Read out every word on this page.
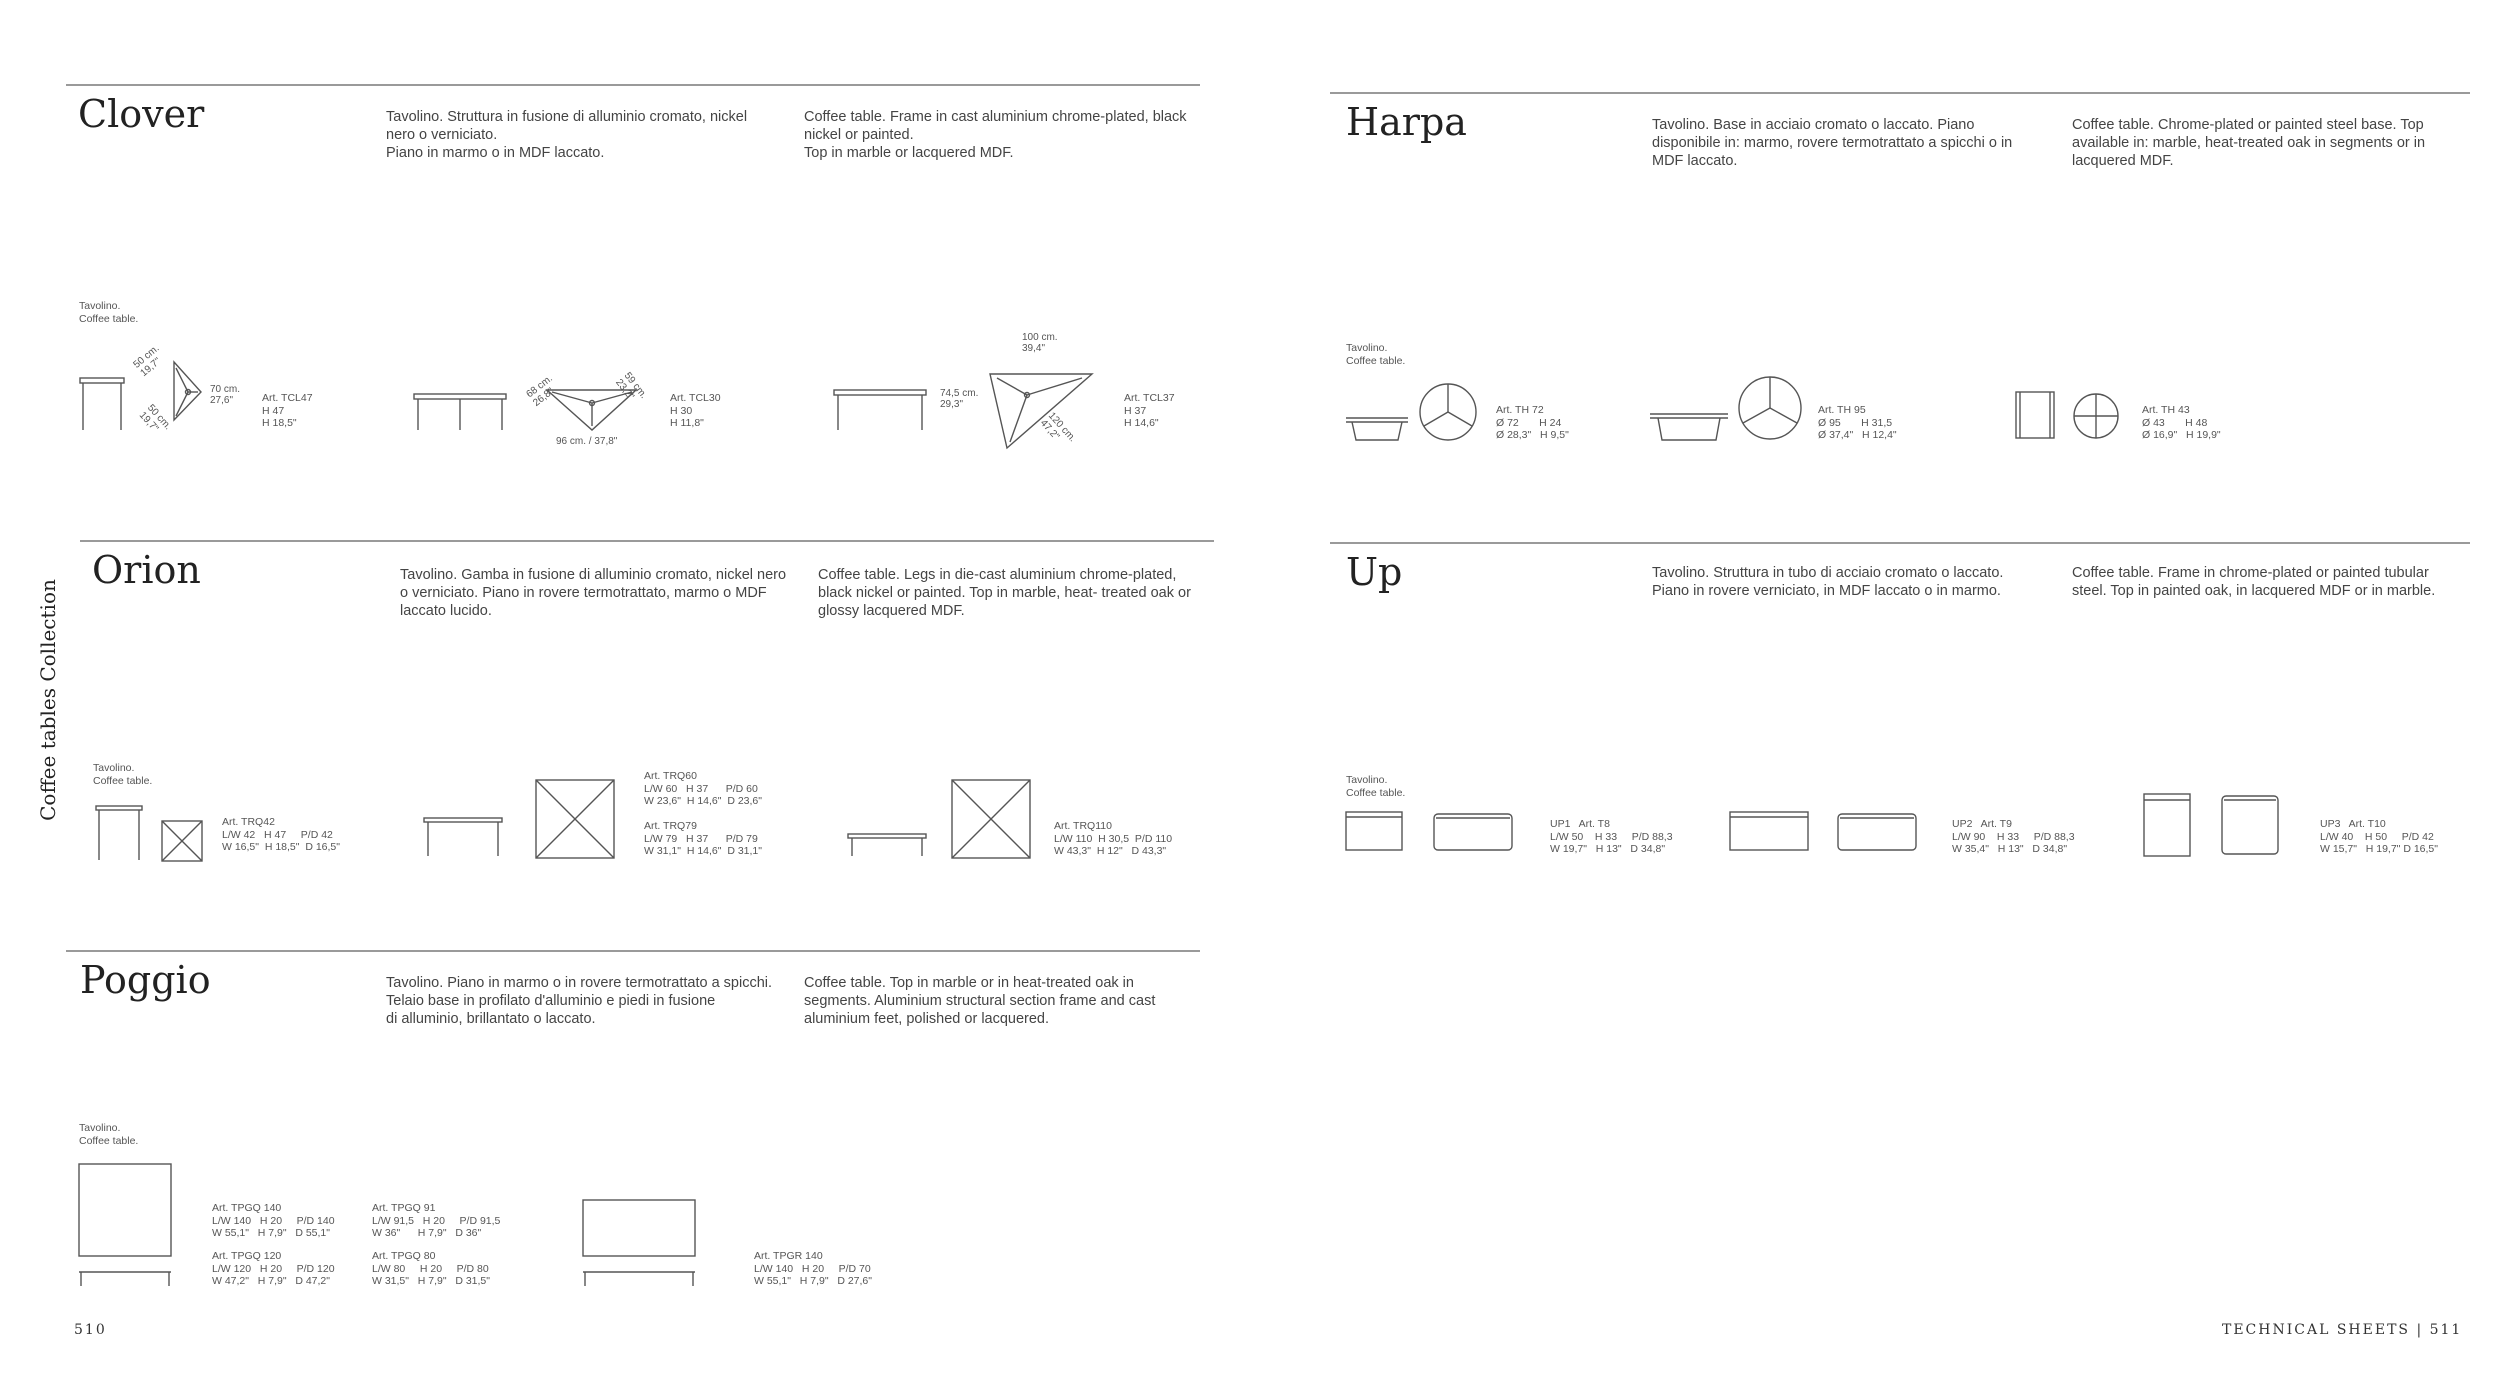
Coffee tables Collection
510	TECHNICAL SHEETS | 511
Clover	Tavolino. Struttura in fusione di alluminio cromato, nickel
nero o verniciato.
Piano in marmo o in MDF laccato.
Coffee table. Frame in cast aluminium chrome-plated, black
nickel or painted.
Top in marble or lacquered MDF.
Tavolino.
Coffee table.
50 cm.
19,7"
70 cm.
27,6"
50 cm.
19,7"
Art. TCL47
H 47
H 18,5"
68 cm.
26,8"	59 cm.
23,2"
96 cm. / 37,8"
Art. TCL30
H 30
H 11,8"
100 cm.
39,4"
74,5 cm.
29,3"
120 cm.
47,2"
Art. TCL37
H 37
H 14,6"
Orion	Tavolino. Gamba in fusione di alluminio cromato, nickel nero
o verniciato. Piano in rovere termotrattato, marmo o MDF
laccato lucido.
Coffee table. Legs in die-cast aluminium chrome-plated,
black nickel or painted. Top in marble, heat- treated oak or
glossy lacquered MDF.
Tavolino.
Coffee table.
Art. TRQ42
L/W 42   H 47     P/D 42
W 16,5"  H 18,5"  D 16,5"
Art. TRQ60
L/W 60   H 37      P/D 60
W 23,6"  H 14,6"  D 23,6"
Art. TRQ79
L/W 79   H 37      P/D 79
W 31,1"  H 14,6"  D 31,1"
Art. TRQ110
L/W 110  H 30,5  P/D 110
W 43,3"  H 12"   D 43,3"
Poggio	Tavolino. Piano in marmo o in rovere termotrattato a spicchi.
Telaio base in profilato d'alluminio e piedi in fusione
di alluminio, brillantato o laccato.
Coffee table. Top in marble or in heat-treated oak in
segments. Aluminium structural section frame and cast
aluminium feet, polished or lacquered.
Tavolino.
Coffee table.
Art. TPGQ 140
L/W 140   H 20     P/D 140
W 55,1"   H 7,9"   D 55,1"
Art. TPGQ 120
L/W 120   H 20     P/D 120
W 47,2"   H 7,9"   D 47,2"
Art. TPGQ 91
L/W 91,5   H 20     P/D 91,5
W 36"      H 7,9"   D 36"
Art. TPGQ 80
L/W 80     H 20     P/D 80
W 31,5"   H 7,9"   D 31,5"
Art. TPGR 140
L/W 140   H 20     P/D 70
W 55,1"   H 7,9"   D 27,6"
Harpa	Tavolino. Base in acciaio cromato o laccato. Piano
disponibile in: marmo, rovere termotrattato a spicchi o in
MDF laccato.
Coffee table. Chrome-plated or painted steel base. Top
available in: marble, heat-treated oak in segments or in
lacquered MDF.
Tavolino.
Coffee table.
Art. TH 72
Ø 72       H 24
Ø 28,3"   H 9,5"
Art. TH 95
Ø 95       H 31,5
Ø 37,4"   H 12,4"
Art. TH 43
Ø 43       H 48
Ø 16,9"   H 19,9"
Up	Tavolino. Struttura in tubo di acciaio cromato o laccato.
Piano in rovere verniciato, in MDF laccato o in marmo.
Coffee table. Frame in chrome-plated or painted tubular
steel. Top in painted oak, in lacquered MDF or in marble.
Tavolino.
Coffee table.
UP1   Art. T8
L/W 50    H 33     P/D 88,3
W 19,7"   H 13"   D 34,8"
UP2   Art. T9
L/W 90    H 33     P/D 88,3
W 35,4"   H 13"   D 34,8"
UP3   Art. T10
L/W 40    H 50     P/D 42
W 15,7"   H 19,7" D 16,5"
